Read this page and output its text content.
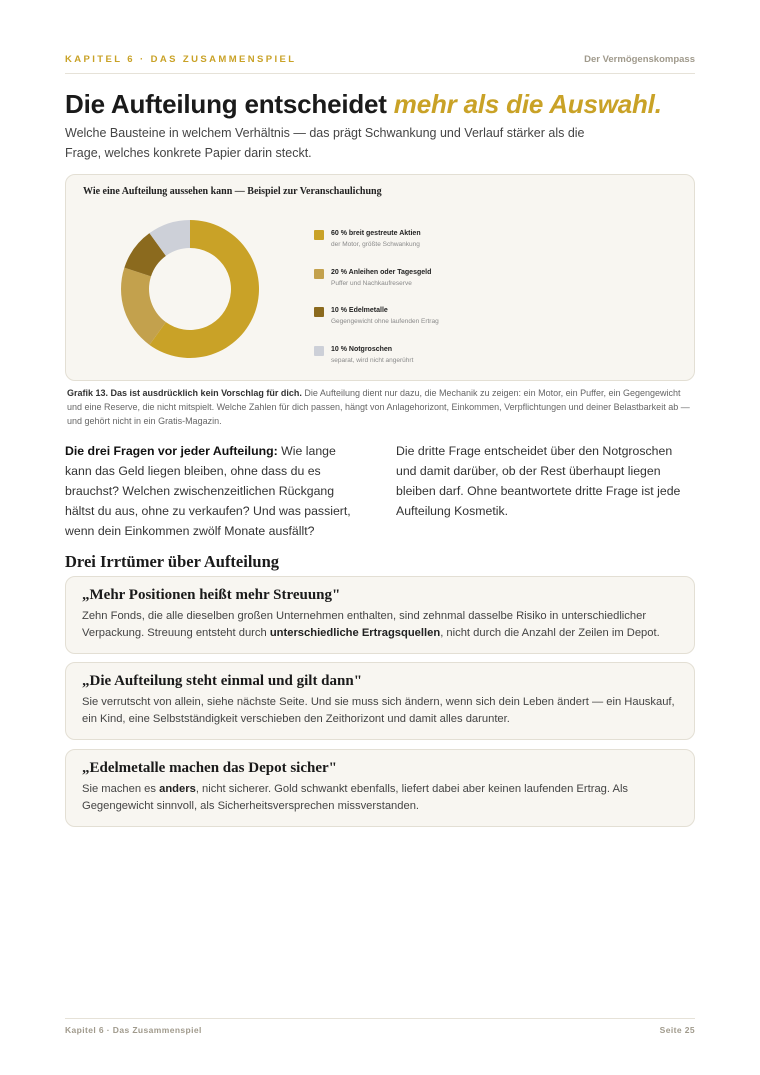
KAPITEL 6 · DAS ZUSAMMENSPIEL	Der Vermögenskompass
Die Aufteilung entscheidet mehr als die Auswahl.

Welche Bausteine in welchem Verhältnis — das prägt Schwankung und Verlauf stärker als die Frage, welches konkrete Papier darin steckt.

Wie eine Aufteilung aussehen kann — Beispiel zur Veranschaulichung
60 % breit gestreute Aktien
der Motor, größte Schwankung
20 % Anleihen oder Tagesgeld
Puffer und Nachkaufreserve
10 % Edelmetalle
Gegengewicht ohne laufenden Ertrag
10 % Notgroschen
separat, wird nicht angerührt

Grafik 13. Das ist ausdrücklich kein Vorschlag für dich. Die Aufteilung dient nur dazu, die Mechanik zu zeigen: ein Motor, ein Puffer, ein Gegengewicht und eine Reserve, die nicht mitspielt. Welche Zahlen für dich passen, hängt von Anlagehorizont, Einkommen, Verpflichtungen und deiner Belastbarkeit ab — und gehört nicht in ein Gratis-Magazin.

Die drei Fragen vor jeder Aufteilung: Wie lange kann das Geld liegen bleiben, ohne dass du es brauchst? Welchen zwischenzeitlichen Rückgang hältst du aus, ohne zu verkaufen? Und was passiert, wenn dein Einkommen zwölf Monate ausfällt?

Die dritte Frage entscheidet über den Notgroschen und damit darüber, ob der Rest überhaupt liegen bleiben darf. Ohne beantwortete dritte Frage ist jede Aufteilung Kosmetik.

Drei Irrtümer über Aufteilung
„Mehr Positionen heißt mehr Streuung"

Zehn Fonds, die alle dieselben großen Unternehmen enthalten, sind zehnmal dasselbe Risiko in unterschiedlicher Verpackung. Streuung entsteht durch unterschiedliche Ertragsquellen, nicht durch die Anzahl der Zeilen im Depot.

„Die Aufteilung steht einmal und gilt dann"

Sie verrutscht von allein, siehe nächste Seite. Und sie muss sich ändern, wenn sich dein Leben ändert — ein Hauskauf, ein Kind, eine Selbstständigkeit verschieben den Zeithorizont und damit alles darunter.

„Edelmetalle machen das Depot sicher"

Sie machen es anders, nicht sicherer. Gold schwankt ebenfalls, liefert dabei aber keinen laufenden Ertrag. Als Gegengewicht sinnvoll, als Sicherheitsversprechen missverstanden.

Kapitel 6 · Das Zusammenspiel	Seite 25
